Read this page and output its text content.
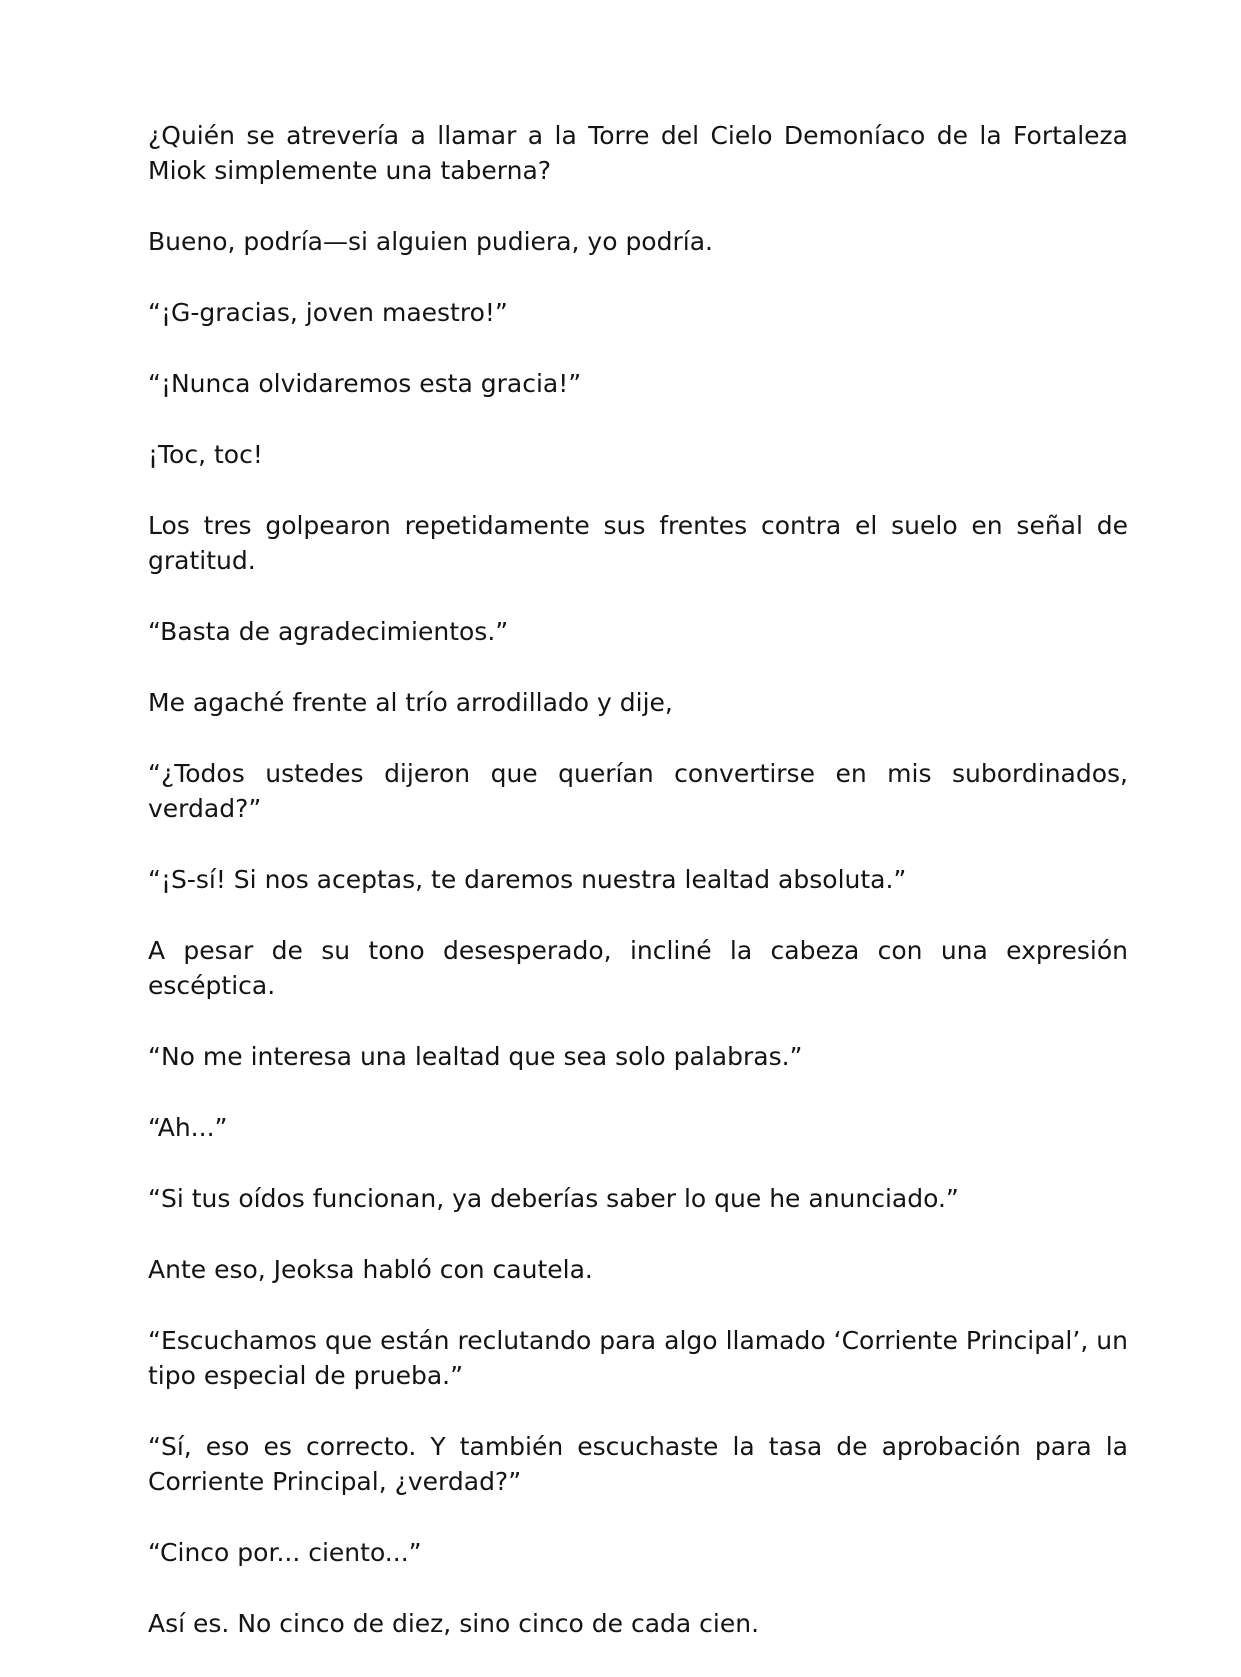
¿Quién se atrevería a llamar a la Torre del Cielo Demoníaco de la Fortaleza Miok simplemente una taberna?

Bueno, podría—si alguien pudiera, yo podría.

“¡G-gracias, joven maestro!”

“¡Nunca olvidaremos esta gracia!”

¡Toc, toc!

Los tres golpearon repetidamente sus frentes contra el suelo en señal de gratitud.

“Basta de agradecimientos.”

Me agaché frente al trío arrodillado y dije,

“¿Todos ustedes dijeron que querían convertirse en mis subordinados, verdad?”

“¡S-sí! Si nos aceptas, te daremos nuestra lealtad absoluta.”

A pesar de su tono desesperado, incliné la cabeza con una expresión escéptica.

“No me interesa una lealtad que sea solo palabras.”

“Ah...”

“Si tus oídos funcionan, ya deberías saber lo que he anunciado.”

Ante eso, Jeoksa habló con cautela.

“Escuchamos que están reclutando para algo llamado ‘Corriente Principal’, un tipo especial de prueba.”

“Sí, eso es correcto. Y también escuchaste la tasa de aprobación para la Corriente Principal, ¿verdad?”

“Cinco por... ciento...”

Así es. No cinco de diez, sino cinco de cada cien.
